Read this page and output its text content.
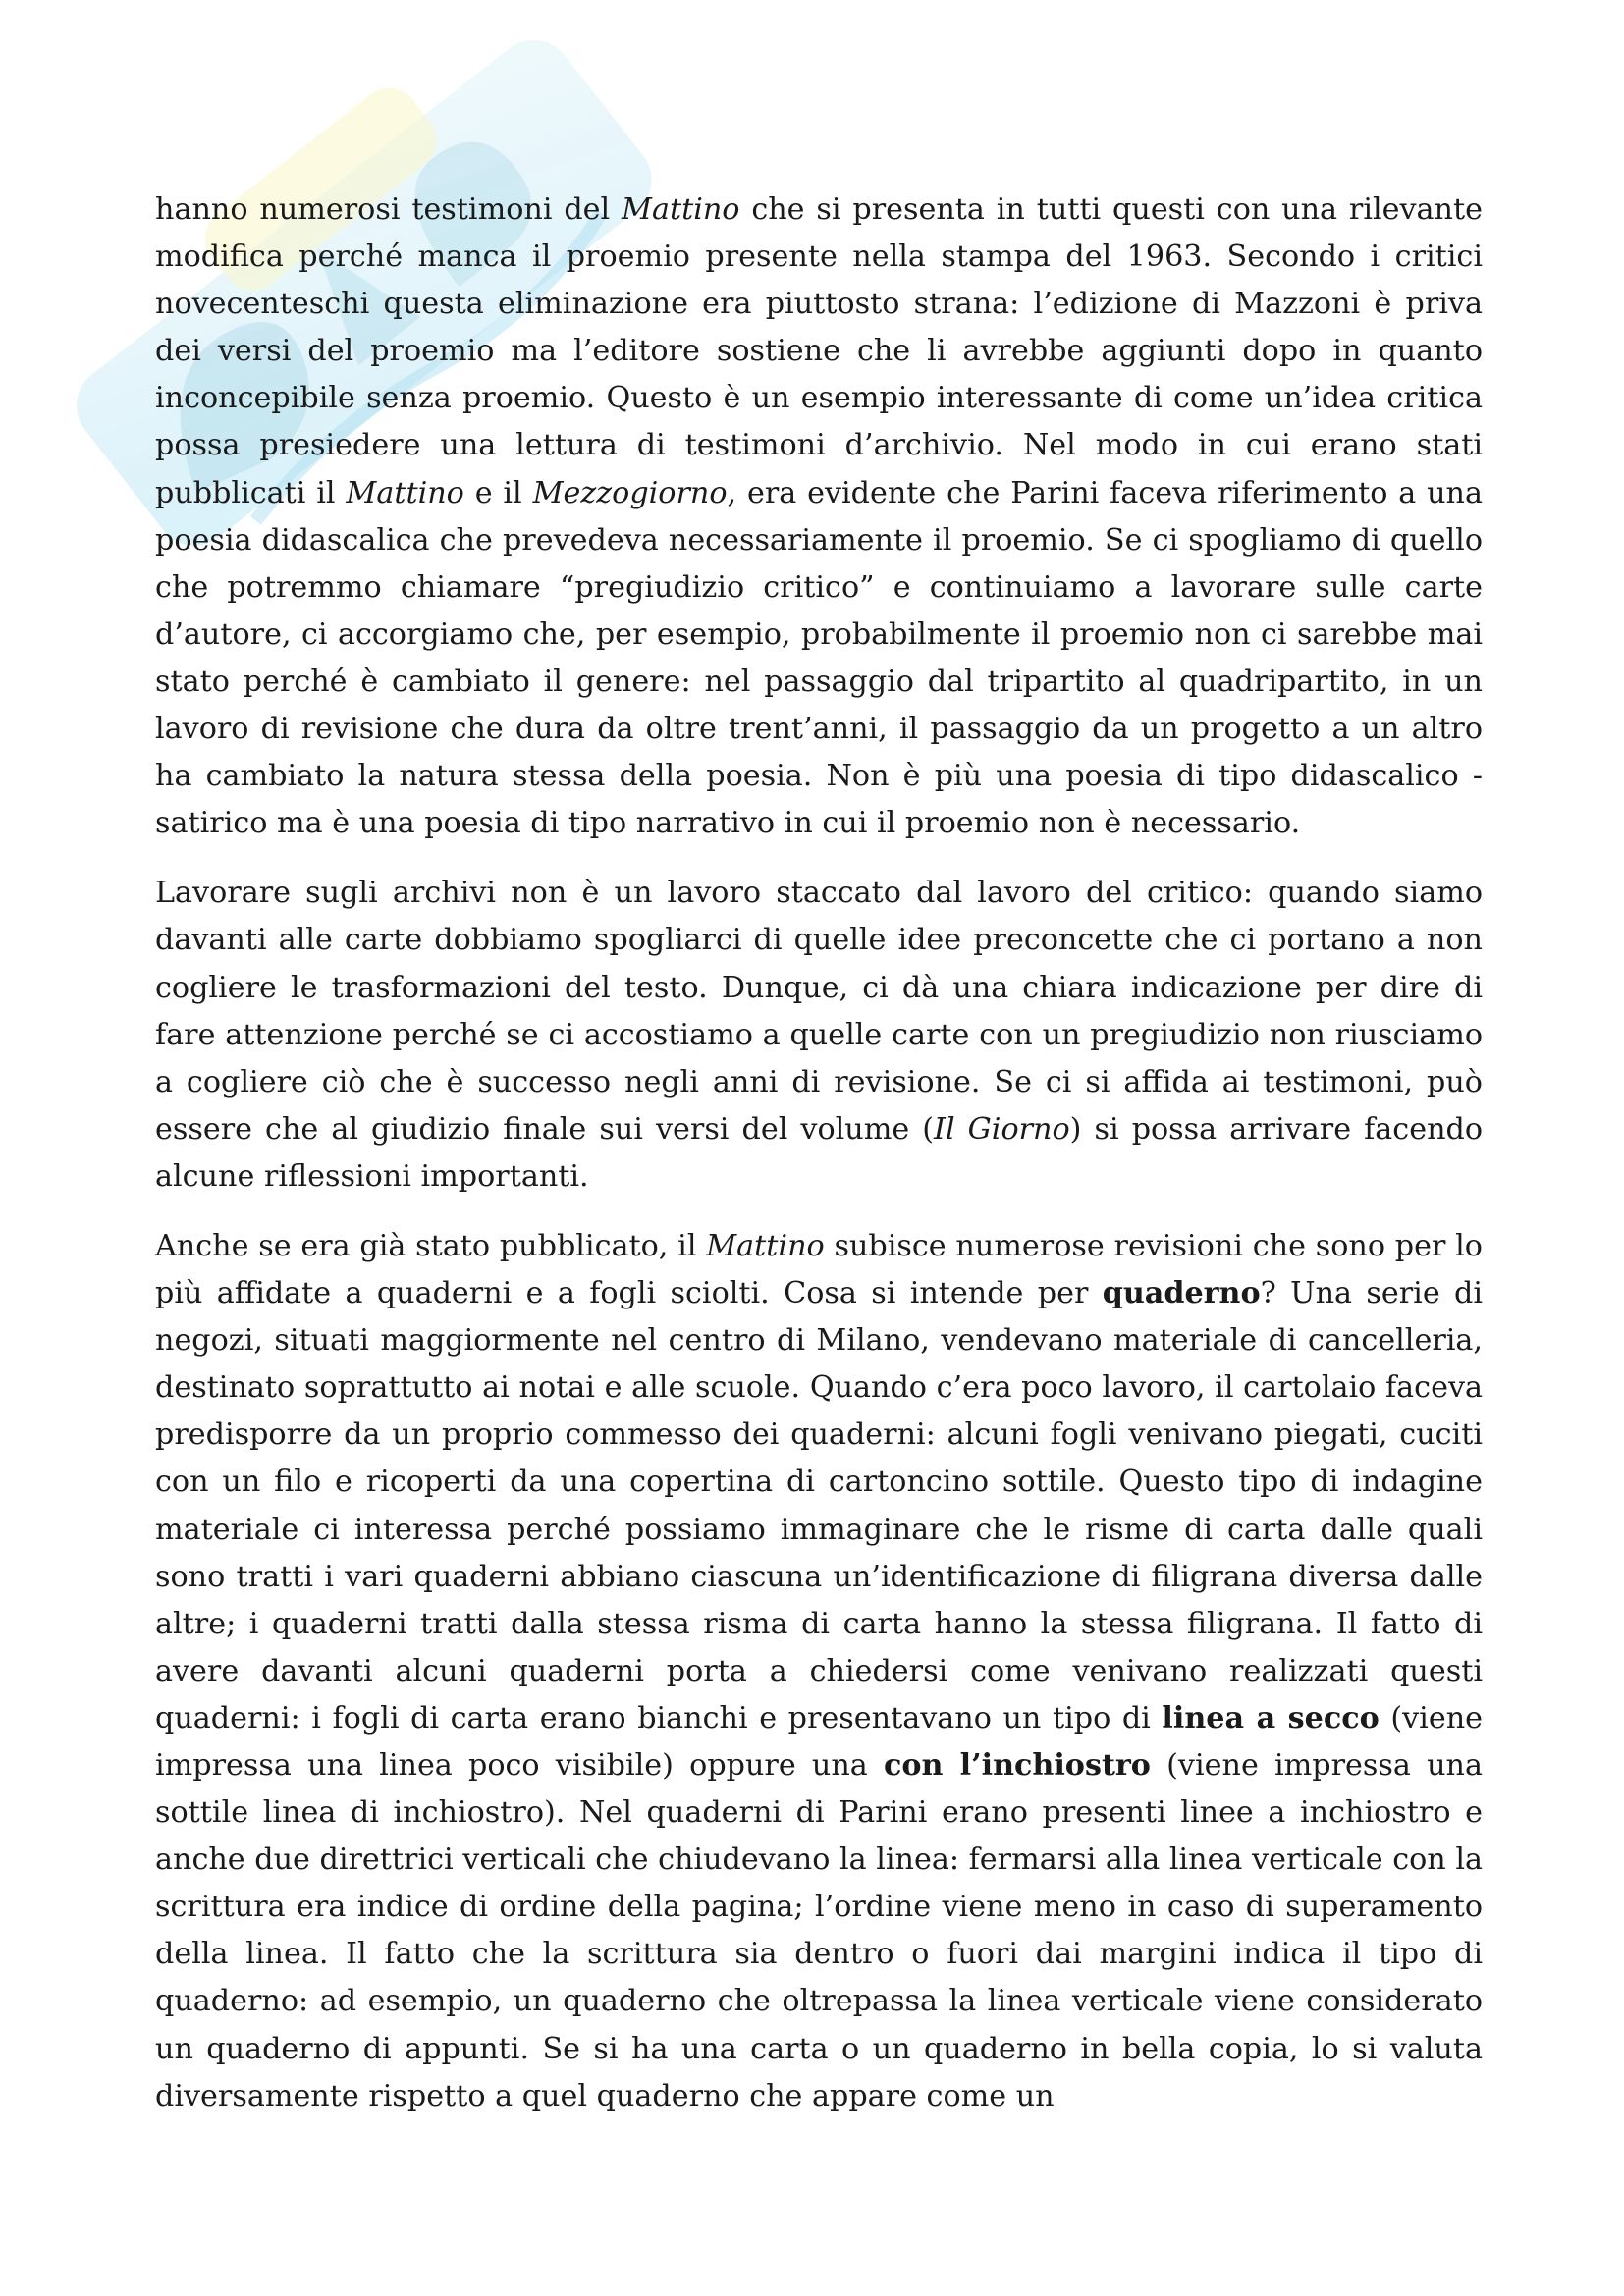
hanno numerosi testimoni del Mattino che si presenta in tutti questi con una rilevante modifica perché manca il proemio presente nella stampa del 1963. Secondo i critici novecenteschi questa eliminazione era piuttosto strana: l’edizione di Mazzoni è priva dei versi del proemio ma l’editore sostiene che li avrebbe aggiunti dopo in quanto inconcepibile senza proemio. Questo è un esempio interessante di come un’idea critica possa presiedere una lettura di testimoni d’archivio. Nel modo in cui erano stati pubblicati il Mattino e il Mezzogiorno, era evidente che Parini faceva riferimento a una poesia didascalica che prevedeva necessariamente il proemio. Se ci spogliamo di quello che potremmo chiamare “pregiudizio critico” e continuiamo a lavorare sulle carte d’autore, ci accorgiamo che, per esempio, probabilmente il proemio non ci sarebbe mai stato perché è cambiato il genere: nel passaggio dal tripartito al quadripartito, in un lavoro di revisione che dura da oltre trent’anni, il passaggio da un progetto a un altro ha cambiato la natura stessa della poesia. Non è più una poesia di tipo didascalico - satirico ma è una poesia di tipo narrativo in cui il proemio non è necessario.

Lavorare sugli archivi non è un lavoro staccato dal lavoro del critico: quando siamo davanti alle carte dobbiamo spogliarci di quelle idee preconcette che ci portano a non cogliere le trasformazioni del testo. Dunque, ci dà una chiara indicazione per dire di fare attenzione perché se ci accostiamo a quelle carte con un pregiudizio non riusciamo a cogliere ciò che è successo negli anni di revisione. Se ci si affida ai testimoni, può essere che al giudizio finale sui versi del volume (Il Giorno) si possa arrivare facendo alcune riflessioni importanti.

Anche se era già stato pubblicato, il Mattino subisce numerose revisioni che sono per lo più affidate a quaderni e a fogli sciolti. Cosa si intende per quaderno? Una serie di negozi, situati maggiormente nel centro di Milano, vendevano materiale di cancelleria, destinato soprattutto ai notai e alle scuole. Quando c’era poco lavoro, il cartolaio faceva predisporre da un proprio commesso dei quaderni: alcuni fogli venivano piegati, cuciti con un filo e ricoperti da una copertina di cartoncino sottile. Questo tipo di indagine materiale ci interessa perché possiamo immaginare che le risme di carta dalle quali sono tratti i vari quaderni abbiano ciascuna un’identificazione di filigrana diversa dalle altre; i quaderni tratti dalla stessa risma di carta hanno la stessa filigrana. Il fatto di avere davanti alcuni quaderni porta a chiedersi come venivano realizzati questi quaderni: i fogli di carta erano bianchi e presentavano un tipo di linea a secco (viene impressa una linea poco visibile) oppure una con l’inchiostro (viene impressa una sottile linea di inchiostro). Nel quaderni di Parini erano presenti linee a inchiostro e anche due direttrici verticali che chiudevano la linea: fermarsi alla linea verticale con la scrittura era indice di ordine della pagina; l’ordine viene meno in caso di superamento della linea. Il fatto che la scrittura sia dentro o fuori dai margini indica il tipo di quaderno: ad esempio, un quaderno che oltrepassa la linea verticale viene considerato un quaderno di appunti. Se si ha una carta o un quaderno in bella copia, lo si valuta diversamente rispetto a quel quaderno che appare come un
